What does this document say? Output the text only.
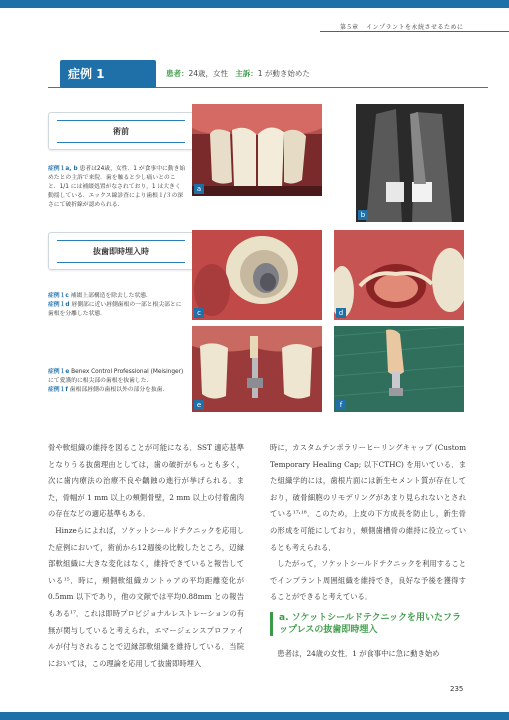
第５章 インプラントを永続させるために
症例 1	患者：24歳，女性 主訴：1 が動き始めた
術前
症例１a, b 患者は24歳，女性．1 が食事中に動き始めたとの主訴で来院．歯を触ると少し痛いとのこと．1/1 には補綴処置がなされており，1 は大きく動揺している．エックス線診査により歯根１/３の深さにて破折線が認められる．
抜歯即時埋入時
症例１c 補綴上部構造を除去した状態．
症例１d 唇側部に近い唇側歯根の一部と根尖部とに歯根を分離した状態．
症例１e Benex Control Professional (Meisinger) にて愛護的に根尖部の歯根を抜歯した．
症例１f 歯根部唇側の歯根以外の部分を抜歯．
a
b
c	d
e	f

骨や軟組織の維持を図ることが可能になる．SST 適応基準となりうる抜歯理由としては，歯の破折がもっとも多く，次に歯内療法の治療不良や齲蝕の進行が挙げられる．また，骨幅が 1 mm 以上の頬側骨壁，2 mm 以上の付着歯肉の存在などの適応基準もある．

Hinzeらによれば，ソケットシールドテクニックを応用した症例において，術前から12週後の比較したところ，辺縁部軟組織に大きな変化はなく，維持できていると報告している¹⁵．時に，頬側軟組織カントゥアの平均距離変化が0.5mm 以下であり，他の文献では平均0.88mm との報告もある¹⁷．これは即時プロビジョナルレストレーションの有無が関与していると考えられ，エマージェンスプロファイルが付与されることで辺縁部軟組織を維持している．当院においては，この理論を応用して抜歯即時埋入

時に，カスタムテンポラリーヒーリングキャップ (Custom Temporary Healing Cap; 以下CTHC) を用いている．また組織学的には，歯根片面には新生セメント質が存在しており，破骨細胞のリモデリングがあまり見られないとされている¹⁷˒¹⁸．このため，上皮の下方成長を防止し，新生骨の形成を可能にしており，頬側歯槽骨の維持に役立っているとも考えられる．

したがって，ソケットシールドテクニックを利用することでインプラント周囲組織を維持でき，良好な予後を獲得することができると考えている．

a. ソケットシールドテクニックを用いたフラップレスの抜歯即時埋入
患者は，24歳の女性．1 が食事中に急に動き始め
235
